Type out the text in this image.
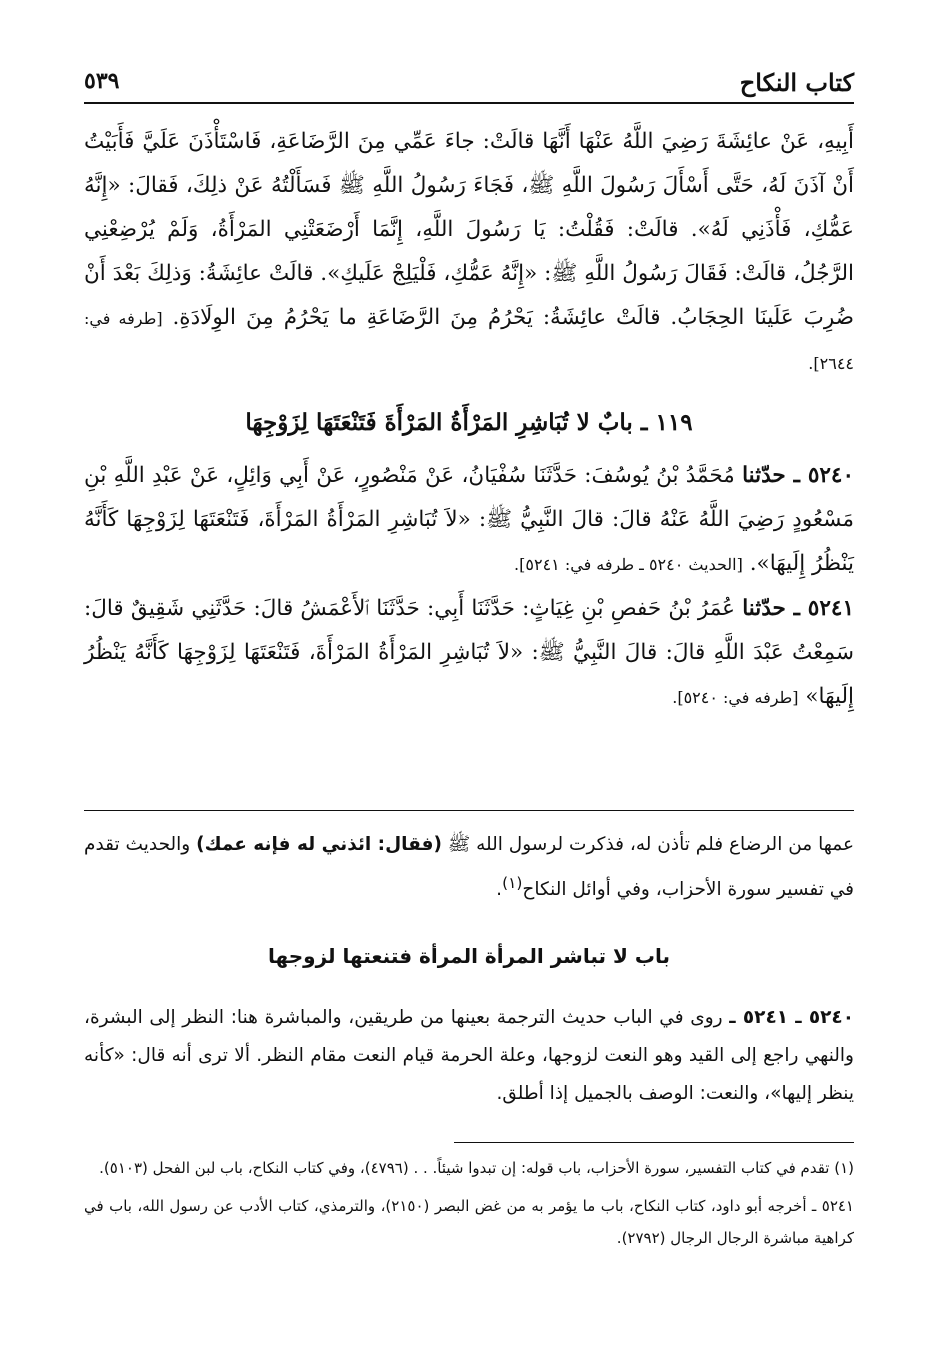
كتاب النكاح
٥٣٩

أَبِيهِ، عَنْ عائِشَةَ رَضِيَ اللَّهُ عَنْهَا أَنَّهَا قالَتْ: جاءَ عَمِّي مِنَ الرَّضَاعَةِ، فَاسْتَأْذَنَ عَلَيَّ فَأَبَيْتُ أَنْ آذَنَ لَهُ، حَتَّى أَسْأَلَ رَسُولَ اللَّهِ ﷺ، فَجَاءَ رَسُولُ اللَّهِ ﷺ فَسَأَلْتُهُ عَنْ ذلِكَ، فَقالَ: «إِنَّهُ عَمُّكِ، فَأْذَنِي لَهُ». قالَتْ: فَقُلْتُ: يَا رَسُولَ اللَّهِ، إِنَّمَا أَرْضَعَتْنِي المَرْأَةُ، وَلَمْ يُرْضِعْنِي الرَّجُلُ، قالَتْ: فَقَالَ رَسُولُ اللَّهِ ﷺ: «إِنَّهُ عَمُّكِ، فَلْيَلِجْ عَلَيكِ». قالَتْ عائِشَةُ: وَذلِكَ بَعْدَ أَنْ ضُرِبَ عَلَينَا الحِجَابُ. قالَتْ عائِشَةُ: يَحْرُمُ مِنَ الرَّضَاعَةِ ما يَحْرُمُ مِنَ الوِلَادَةِ. [طرفه في: ٢٦٤٤].

١١٩ ـ بابٌ لا تُبَاشِرِ المَرْأَةُ المَرْأَةَ فَتَنْعَتَهَا لِزَوْجِهَا

٥٢٤٠ ـ حدّثنا مُحَمَّدُ بْنُ يُوسُفَ: حَدَّثَنَا سُفْيَانُ، عَنْ مَنْصُورٍ، عَنْ أَبِي وَائِلٍ، عَنْ عَبْدِ اللَّهِ بْنِ مَسْعُودٍ رَضِيَ اللَّهُ عَنْهُ قالَ: قالَ النَّبِيُّ ﷺ: «لاَ تُبَاشِرِ المَرْأَةُ المَرْأَةَ، فَتَنْعَتَهَا لِزَوْجِهَا كَأَنَّهُ يَنْظُرُ إِلَيهَا». [الحديث ٥٢٤٠ ـ طرفه في: ٥٢٤١].

٥٢٤١ ـ حدّثنا عُمَرُ بْنُ حَفصِ بْنِ غِيَاثٍ: حَدَّثَنَا أَبِي: حَدَّثَنَا ٱلأَعْمَشُ قالَ: حَدَّثَنِي شَقِيقٌ قالَ: سَمِعْتُ عَبْدَ اللَّهِ قالَ: قالَ النَّبِيُّ ﷺ: «لاَ تُبَاشِرِ المَرْأَةُ المَرْأَةَ، فَتَنْعَتَهَا لِزَوْجِهَا كَأَنَّهُ يَنْظُرُ إِلَيهَا» [طرفه في: ٥٢٤٠].

عمها من الرضاع فلم تأذن له، فذكرت لرسول الله ﷺ (فقال: ائذني له فإنه عمك) والحديث تقدم في تفسير سورة الأحزاب، وفي أوائل النكاح$^{(١)}$.

باب لا تباشر المرأة المرأة فتنعتها لزوجها

٥٢٤٠ ـ ٥٢٤١ ـ روى في الباب حديث الترجمة بعينها من طريقين، والمباشرة هنا: النظر إلى البشرة، والنهي راجع إلى القيد وهو النعت لزوجها، وعلة الحرمة قيام النعت مقام النظر. ألا ترى أنه قال: «كأنه ينظر إليها»، والنعت: الوصف بالجميل إذا أطلق.

(١) تقدم في كتاب التفسير، سورة الأحزاب، باب قوله: إن تبدوا شيئاً. . . (٤٧٩٦)، وفي كتاب النكاح، باب لبن الفحل (٥١٠٣).

٥٢٤١ ـ أخرجه أبو داود، كتاب النكاح، باب ما يؤمر به من غض البصر (٢١٥٠)، والترمذي، كتاب الأدب عن رسول الله، باب في كراهية مباشرة الرجال الرجال (٢٧٩٢).
